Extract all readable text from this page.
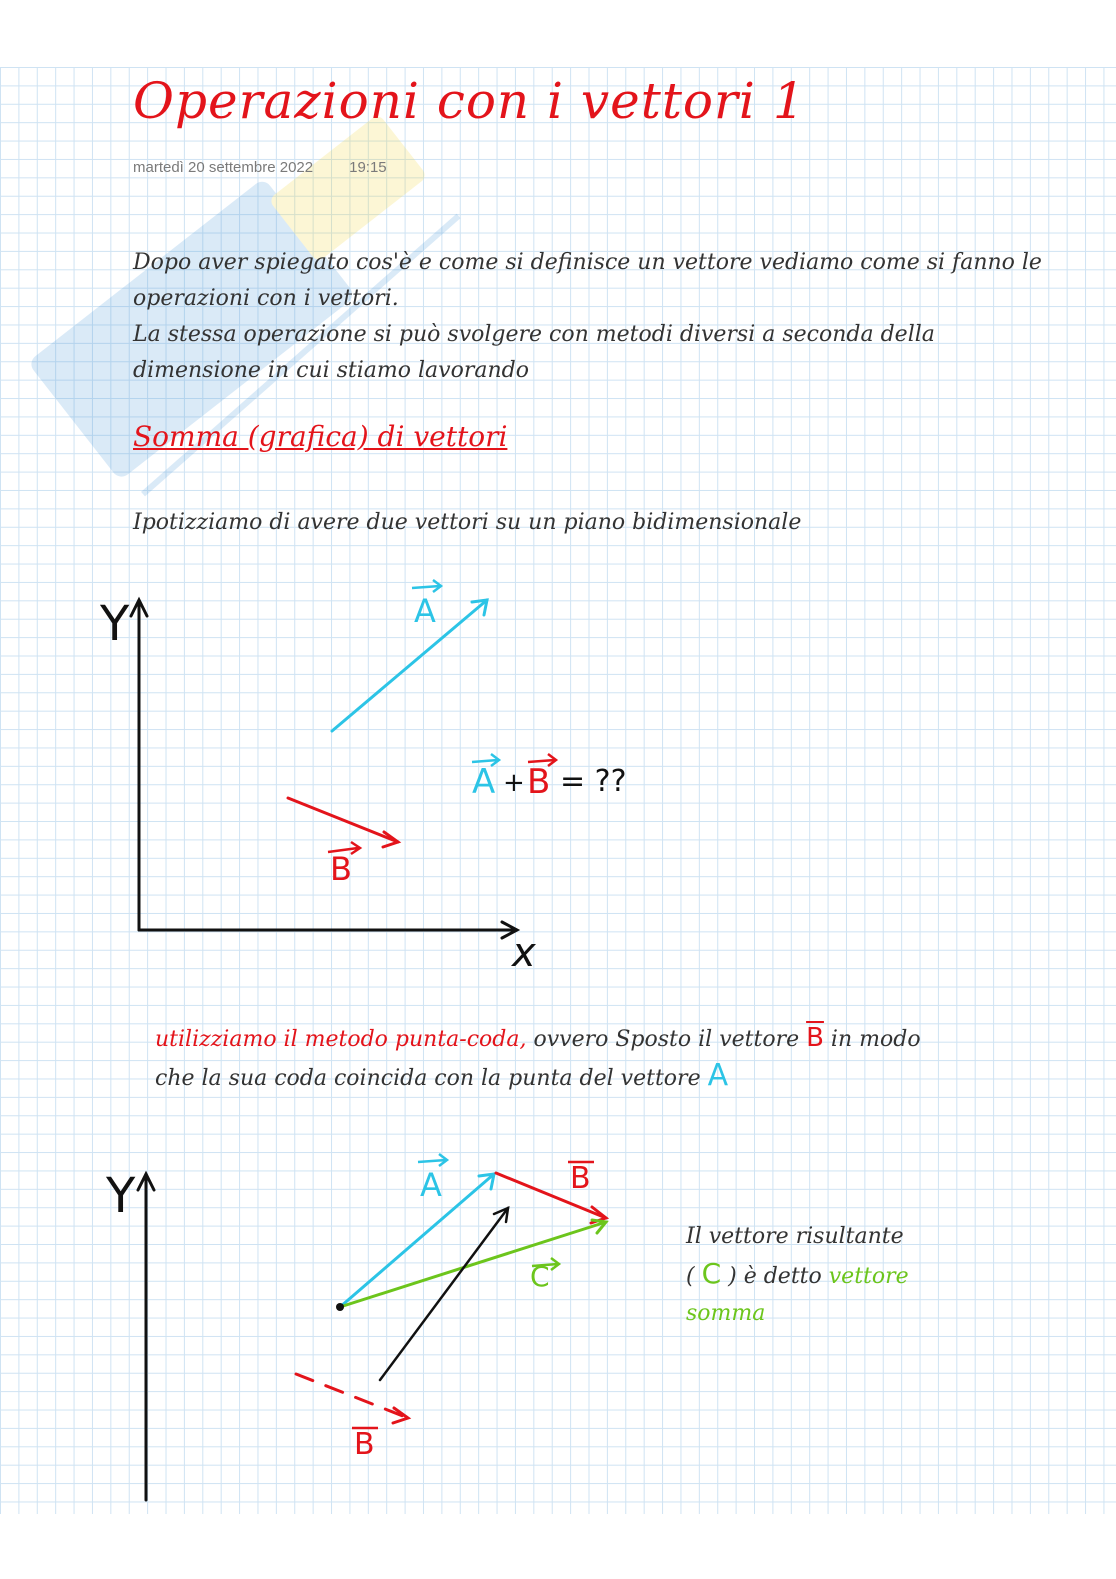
Operazioni con i vettori 1
martedì 20 settembre 2022 19:15
Dopo aver spiegato cos'è e come si definisce un vettore vediamo come si fanno le
operazioni con i vettori.
La stessa operazione si può svolgere con metodi diversi a seconda della
dimensione in cui stiamo lavorando
Somma (grafica) di vettori

Ipotizziamo di avere due vettori su un piano bidimensionale

Y
x
A
B
A + B = ??
utilizziamo il metodo punta-coda, ovvero Sposto il vettore $\overline{B}$ in modo
che la sua coda coincida con la punta del vettore A
Y	A	B
C
B
Il vettore risultante
( C ) è detto vettore
somma
